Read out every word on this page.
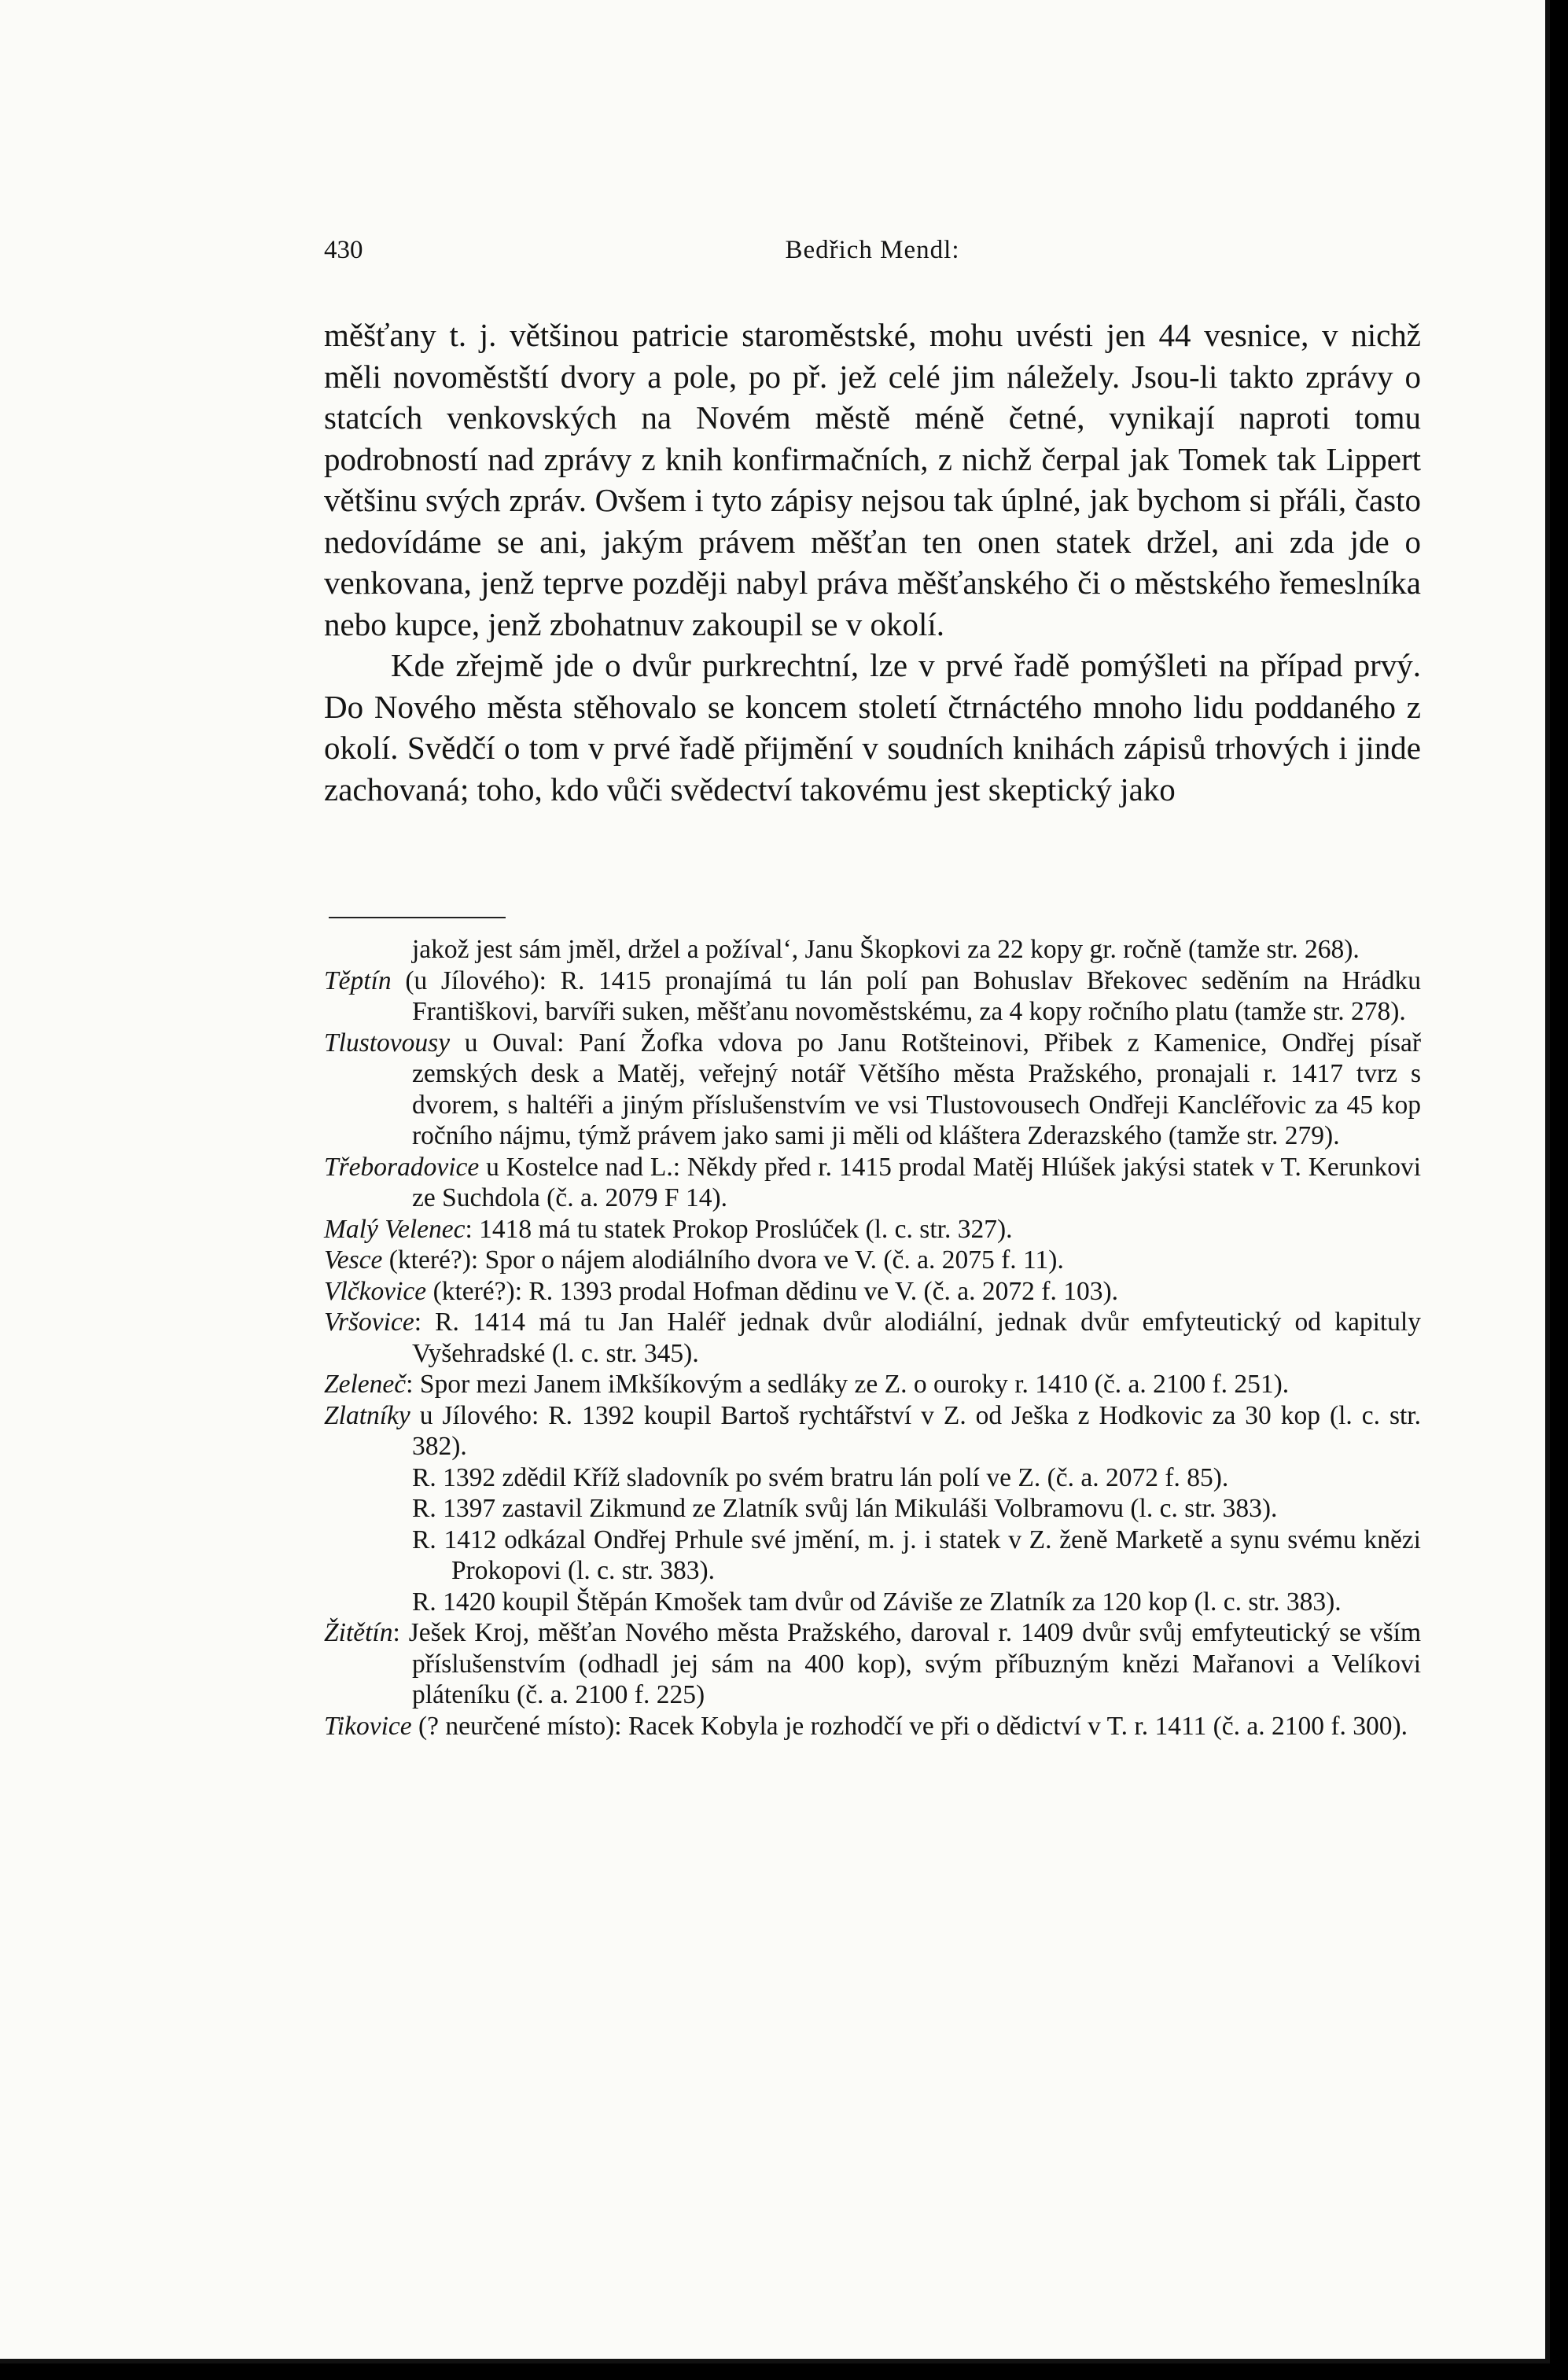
430	Bedřich Mendl:

měšťany t. j. většinou patricie staroměstské, mohu uvésti jen 44 vesnice, v nichž měli novoměstští dvory a pole, po př. jež celé jim náležely. Jsou-li takto zprávy o statcích venkovských na Novém městě méně četné, vynikají naproti tomu podrobností nad zprávy z knih konfirmačních, z nichž čerpal jak Tomek tak Lippert většinu svých zpráv. Ovšem i tyto zápisy nejsou tak úplné, jak bychom si přáli, často nedovídáme se ani, jakým právem měšťan ten onen statek držel, ani zda jde o venkovana, jenž teprve později nabyl práva měšťanského či o městského řemeslníka nebo kupce, jenž zbohatnuv zakoupil se v okolí.

Kde zřejmě jde o dvůr purkrechtní, lze v prvé řadě pomýšleti na případ prvý. Do Nového města stěhovalo se koncem století čtrnáctého mnoho lidu poddaného z okolí. Svědčí o tom v prvé řadě přijmění v soudních knihách zápisů trhových i jinde zachovaná; toho, kdo vůči svědectví takovému jest skeptický jako

jakož jest sám jměl, držel a požíval‘, Janu Škopkovi za 22 kopy gr. ročně (tamže str. 268).

Těptín (u Jílového): R. 1415 pronajímá tu lán polí pan Bohuslav Břekovec seděním na Hrádku Františkovi, barvíři suken, měšťanu novoměstskému, za 4 kopy ročního platu (tamže str. 278).

Tlustovousy u Ouval: Paní Žofka vdova po Janu Rotšteinovi, Přibek z Kamenice, Ondřej písař zemských desk a Matěj, veřejný notář Většího města Pražského, pronajali r. 1417 tvrz s dvorem, s haltéři a jiným příslušenstvím ve vsi Tlustovousech Ondřeji Kancléřovic za 45 kop ročního nájmu, týmž právem jako sami ji měli od kláštera Zderazského (tamže str. 279).

Třeboradovice u Kostelce nad L.: Někdy před r. 1415 prodal Matěj Hlúšek jakýsi statek v T. Kerunkovi ze Suchdola (č. a. 2079 F 14).

Malý Velenec: 1418 má tu statek Prokop Proslúček (l. c. str. 327).

Vesce (které?): Spor o nájem alodiálního dvora ve V. (č. a. 2075 f. 11).

Vlčkovice (které?): R. 1393 prodal Hofman dědinu ve V. (č. a. 2072 f. 103).

Vršovice: R. 1414 má tu Jan Haléř jednak dvůr alodiální, jednak dvůr emfyteutický od kapituly Vyšehradské (l. c. str. 345).

Zeleneč: Spor mezi Janem iMkšíkovým a sedláky ze Z. o ouroky r. 1410 (č. a. 2100 f. 251).

Zlatníky u Jílového: R. 1392 koupil Bartoš rychtářství v Z. od Ješka z Hodkovic za 30 kop (l. c. str. 382).

R. 1392 zdědil Kříž sladovník po svém bratru lán polí ve Z. (č. a. 2072 f. 85).

R. 1397 zastavil Zikmund ze Zlatník svůj lán Mikuláši Volbramovu (l. c. str. 383).

R. 1412 odkázal Ondřej Prhule své jmění, m. j. i statek v Z. ženě Marketě a synu svému knězi Prokopovi (l. c. str. 383).

R. 1420 koupil Štěpán Kmošek tam dvůr od Záviše ze Zlatník za 120 kop (l. c. str. 383).

Žitětín: Ješek Kroj, měšťan Nového města Pražského, daroval r. 1409 dvůr svůj emfyteutický se vším příslušenstvím (odhadl jej sám na 400 kop), svým příbuzným knězi Mařanovi a Velíkovi pláteníku (č. a. 2100 f. 225)

Tikovice (? neurčené místo): Racek Kobyla je rozhodčí ve při o dědictví v T. r. 1411 (č. a. 2100 f. 300).
